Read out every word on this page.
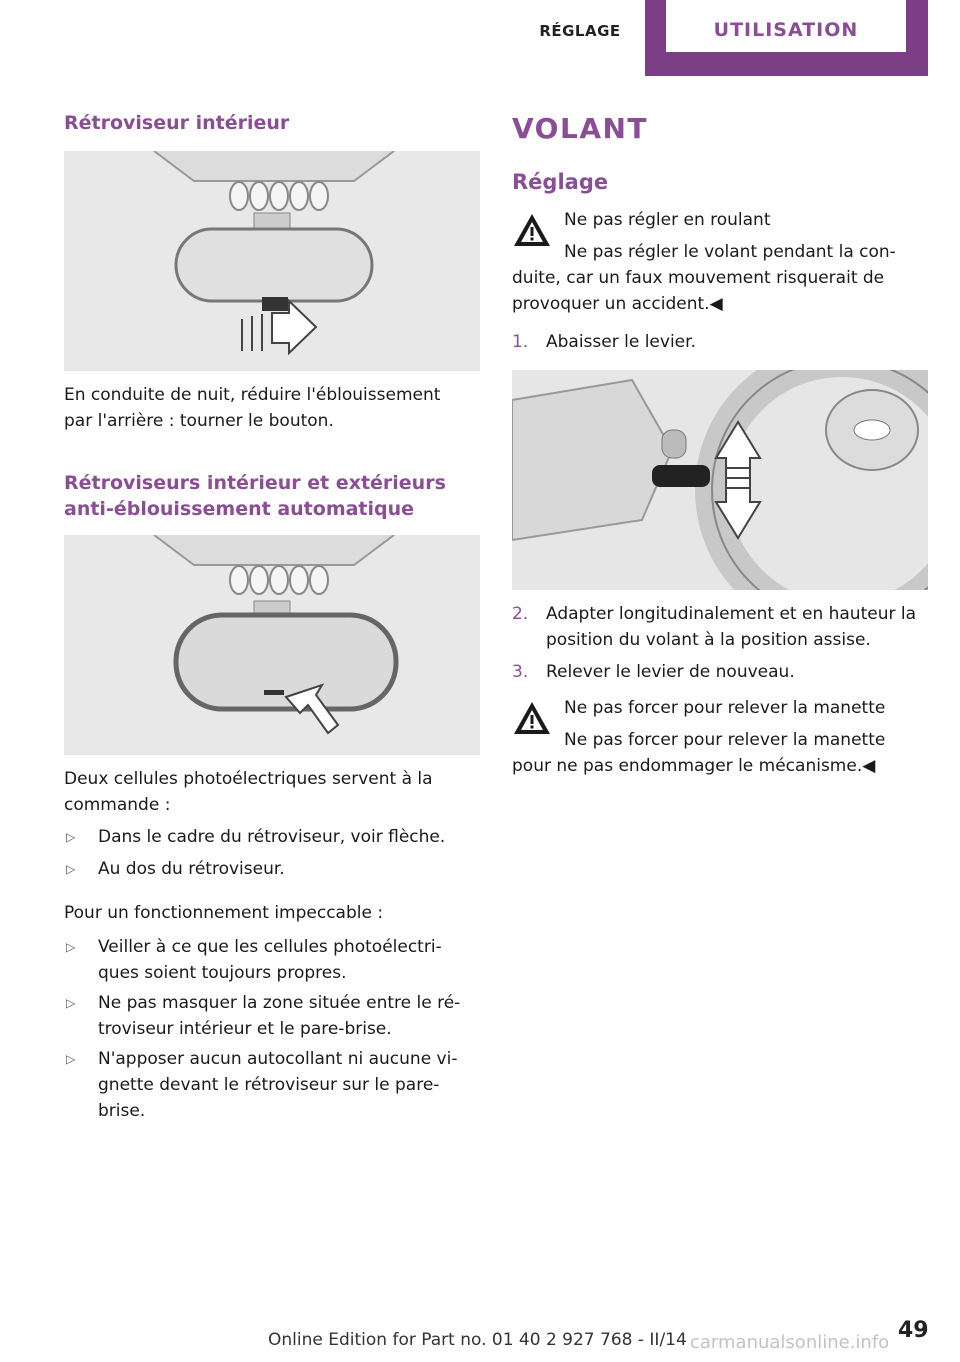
RÉGLAGE	UTILISATION
Rétroviseur intérieur

En conduite de nuit, réduire l'éblouissement par l'arrière : tourner le bouton.

Rétroviseurs intérieur et extérieurs
anti-éblouissement automatique

Deux cellules photoélectriques servent à la commande :

▷ Dans le cadre du rétroviseur, voir flèche.
▷ Au dos du rétroviseur.

Pour un fonctionnement impeccable :

▷ Veiller à ce que les cellules photoélectri-ques soient toujours propres.
▷ Ne pas masquer la zone située entre le ré-troviseur intérieur et le pare-brise.
▷ N'apposer aucun autocollant ni aucune vi-gnette devant le rétroviseur sur le pare-brise.
VOLANT
Réglage

Ne pas régler en roulant

Ne pas régler le volant pendant la con-duite, car un faux mouvement risquerait de provoquer un accident.◀

1. Abaisser le levier.
2. Adapter longitudinalement et en hauteur la position du volant à la position assise.
3. Relever le levier de nouveau.

Ne pas forcer pour relever la manette

Ne pas forcer pour relever la manette pour ne pas endommager le mécanisme.◀

Online Edition for Part no. 01 40 2 927 768 - II/14 carmanualsonline.info 49
